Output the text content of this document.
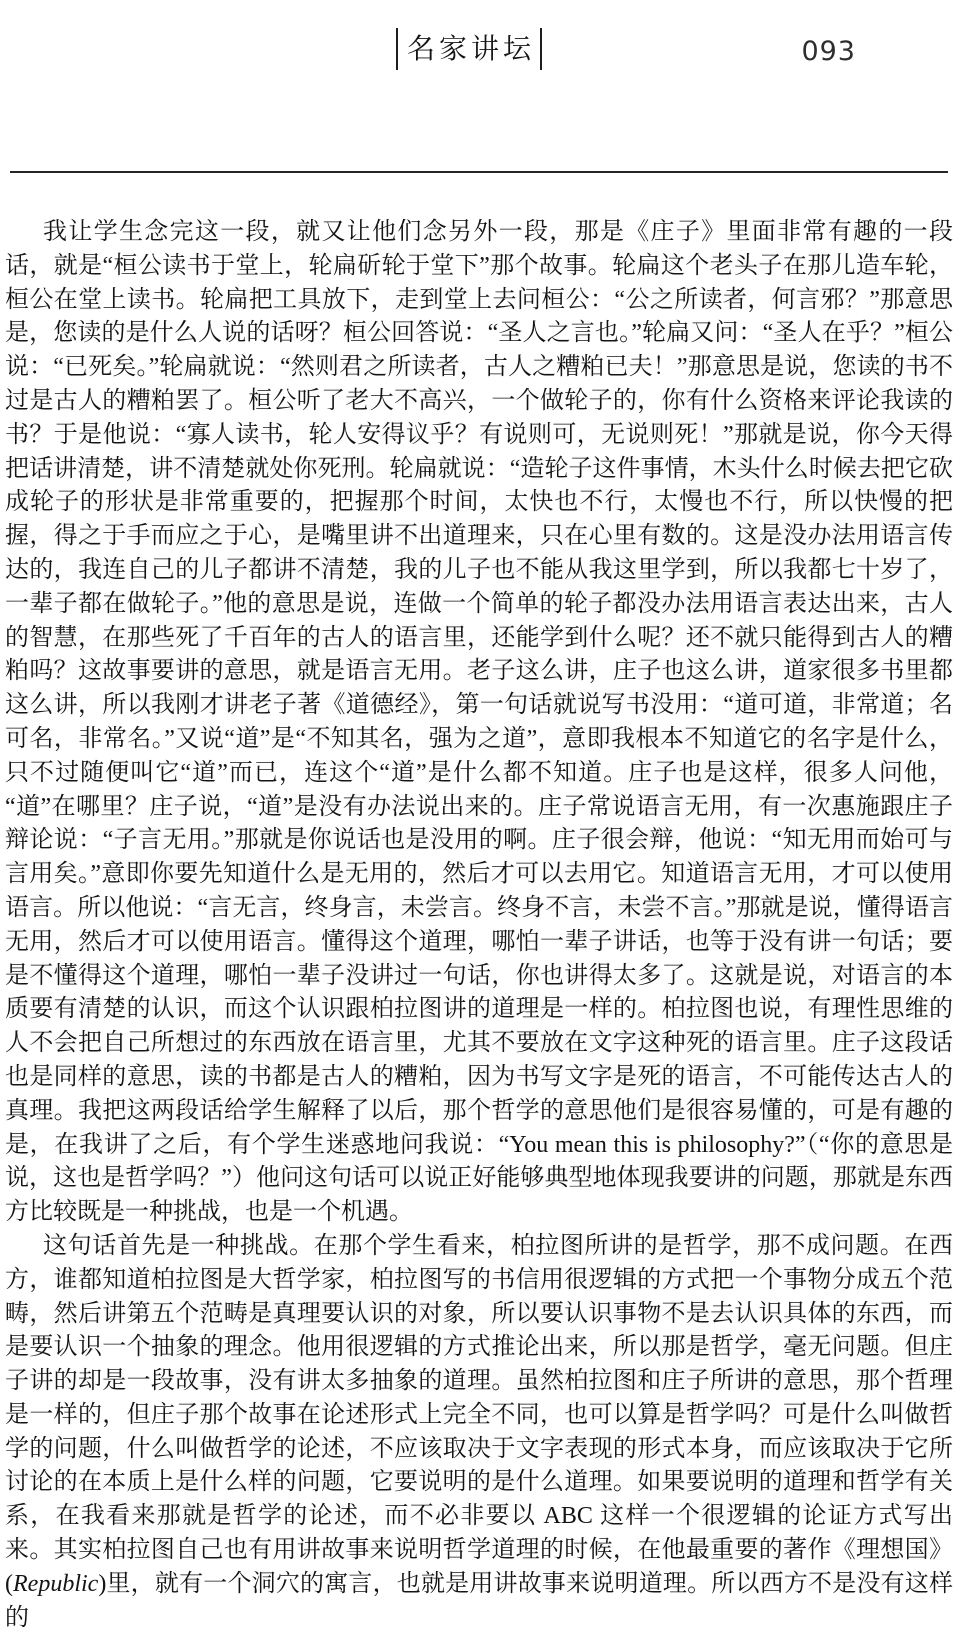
名家讲坛	093

我让学生念完这一段，就又让他们念另外一段，那是《庄子》里面非常有趣的一段话，就是“桓公读书于堂上，轮扁斫轮于堂下”那个故事。轮扁这个老头子在那儿造车轮，桓公在堂上读书。轮扁把工具放下，走到堂上去问桓公：“公之所读者，何言邪？”那意思是，您读的是什么人说的话呀？桓公回答说：“圣人之言也。”轮扁又问：“圣人在乎？”桓公说：“已死矣。”轮扁就说：“然则君之所读者，古人之糟粕已夫！”那意思是说，您读的书不过是古人的糟粕罢了。桓公听了老大不高兴，一个做轮子的，你有什么资格来评论我读的书？于是他说：“寡人读书，轮人安得议乎？有说则可，无说则死！”那就是说，你今天得把话讲清楚，讲不清楚就处你死刑。轮扁就说：“造轮子这件事情，木头什么时候去把它砍成轮子的形状是非常重要的，把握那个时间，太快也不行，太慢也不行，所以快慢的把握，得之于手而应之于心，是嘴里讲不出道理来，只在心里有数的。这是没办法用语言传达的，我连自己的儿子都讲不清楚，我的儿子也不能从我这里学到，所以我都七十岁了，一辈子都在做轮子。”他的意思是说，连做一个简单的轮子都没办法用语言表达出来，古人的智慧，在那些死了千百年的古人的语言里，还能学到什么呢？还不就只能得到古人的糟粕吗？这故事要讲的意思，就是语言无用。老子这么讲，庄子也这么讲，道家很多书里都这么讲，所以我刚才讲老子著《道德经》，第一句话就说写书没用：“道可道，非常道；名可名，非常名。”又说“道”是“不知其名，强为之道”，意即我根本不知道它的名字是什么，只不过随便叫它“道”而已，连这个“道”是什么都不知道。庄子也是这样，很多人问他，“道”在哪里？庄子说，“道”是没有办法说出来的。庄子常说语言无用，有一次惠施跟庄子辩论说：“子言无用。”那就是你说话也是没用的啊。庄子很会辩，他说：“知无用而始可与言用矣。”意即你要先知道什么是无用的，然后才可以去用它。知道语言无用，才可以使用语言。所以他说：“言无言，终身言，未尝言。终身不言，未尝不言。”那就是说，懂得语言无用，然后才可以使用语言。懂得这个道理，哪怕一辈子讲话，也等于没有讲一句话；要是不懂得这个道理，哪怕一辈子没讲过一句话，你也讲得太多了。这就是说，对语言的本质要有清楚的认识，而这个认识跟柏拉图讲的道理是一样的。柏拉图也说，有理性思维的人不会把自己所想过的东西放在语言里，尤其不要放在文字这种死的语言里。庄子这段话也是同样的意思，读的书都是古人的糟粕，因为书写文字是死的语言，不可能传达古人的真理。我把这两段话给学生解释了以后，那个哲学的意思他们是很容易懂的，可是有趣的是，在我讲了之后，有个学生迷惑地问我说：“You mean this is philosophy?”（“你的意思是说，这也是哲学吗？”）他问这句话可以说正好能够典型地体现我要讲的问题，那就是东西方比较既是一种挑战，也是一个机遇。

这句话首先是一种挑战。在那个学生看来，柏拉图所讲的是哲学，那不成问题。在西方，谁都知道柏拉图是大哲学家，柏拉图写的书信用很逻辑的方式把一个事物分成五个范畴，然后讲第五个范畴是真理要认识的对象，所以要认识事物不是去认识具体的东西，而是要认识一个抽象的理念。他用很逻辑的方式推论出来，所以那是哲学，毫无问题。但庄子讲的却是一段故事，没有讲太多抽象的道理。虽然柏拉图和庄子所讲的意思，那个哲理是一样的，但庄子那个故事在论述形式上完全不同，也可以算是哲学吗？可是什么叫做哲学的问题，什么叫做哲学的论述，不应该取决于文字表现的形式本身，而应该取决于它所讨论的在本质上是什么样的问题，它要说明的是什么道理。如果要说明的道理和哲学有关系，在我看来那就是哲学的论述，而不必非要以 ABC 这样一个很逻辑的论证方式写出来。其实柏拉图自己也有用讲故事来说明哲学道理的时候，在他最重要的著作《理想国》(Republic)里，就有一个洞穴的寓言，也就是用讲故事来说明道理。所以西方不是没有这样的
